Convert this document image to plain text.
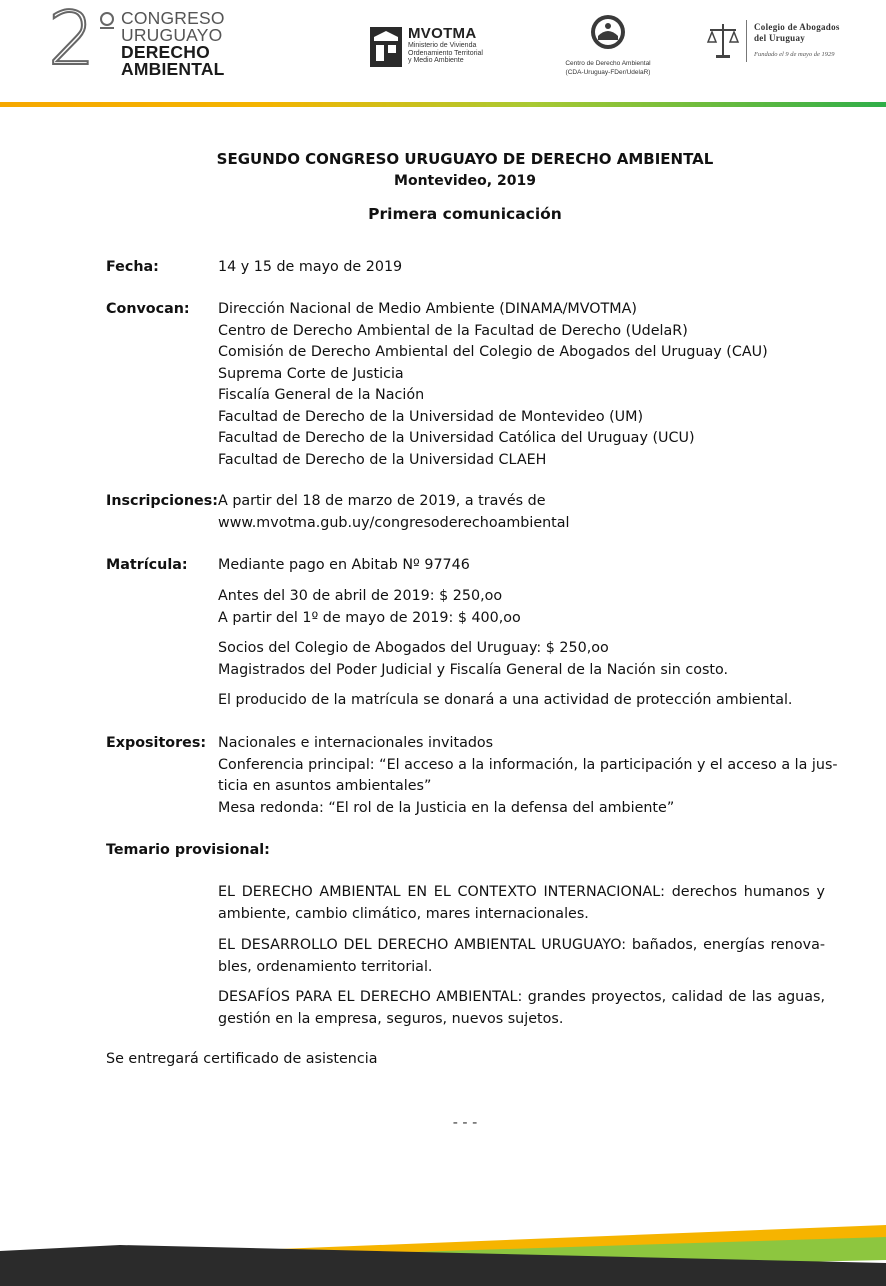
2 CONGRESO
URUGUAYO
DERECHO
AMBIENTAL
MVOTMA
Ministerio de Vivienda
Ordenamiento Territorial
y Medio Ambiente	Centro de Derecho Ambiental
(CDA-Uruguay-FDer/UdelaR)
Colegio de Abogados
del Uruguay
Fundado el 9 de mayo de 1929
SEGUNDO CONGRESO URUGUAYO DE DERECHO AMBIENTAL
Montevideo, 2019
Primera comunicación
Fecha:	14 y 15 de mayo de 2019
Convocan: Dirección Nacional de Medio Ambiente (DINAMA/MVOTMA)
Centro de Derecho Ambiental de la Facultad de Derecho (UdelaR)
Comisión de Derecho Ambiental del Colegio de Abogados del Uruguay (CAU)
Suprema Corte de Justicia
Fiscalía General de la Nación
Facultad de Derecho de la Universidad de Montevideo (UM)
Facultad de Derecho de la Universidad Católica del Uruguay (UCU)
Facultad de Derecho de la Universidad CLAEH
Inscripciones: A partir del 18 de marzo de 2019, a través de
www.mvotma.gub.uy/congresoderechoambiental
Matrícula: Mediante pago en Abitab Nº 97746
Antes del 30 de abril de 2019: $ 250,oo
A partir del 1º de mayo de 2019: $ 400,oo
Socios del Colegio de Abogados del Uruguay: $ 250,oo
Magistrados del Poder Judicial y Fiscalía General de la Nación sin costo.
El producido de la matrícula se donará a una actividad de protección ambiental.
Expositores: Nacionales e internacionales invitados
Conferencia principal: “El acceso a la información, la participación y el acceso a la jus-
ticia en asuntos ambientales”
Mesa redonda: “El rol de la Justicia en la defensa del ambiente”
Temario provisional:
EL DERECHO AMBIENTAL EN EL CONTEXTO INTERNACIONAL: derechos humanos y ambiente, cambio climático, mares internacionales.
EL DESARROLLO DEL DERECHO AMBIENTAL URUGUAYO: bañados, energías renova-bles, ordenamiento territorial.
DESAFÍOS PARA EL DERECHO AMBIENTAL: grandes proyectos, calidad de las aguas, gestión en la empresa, seguros, nuevos sujetos.
Se entregará certificado de asistencia
- - -
